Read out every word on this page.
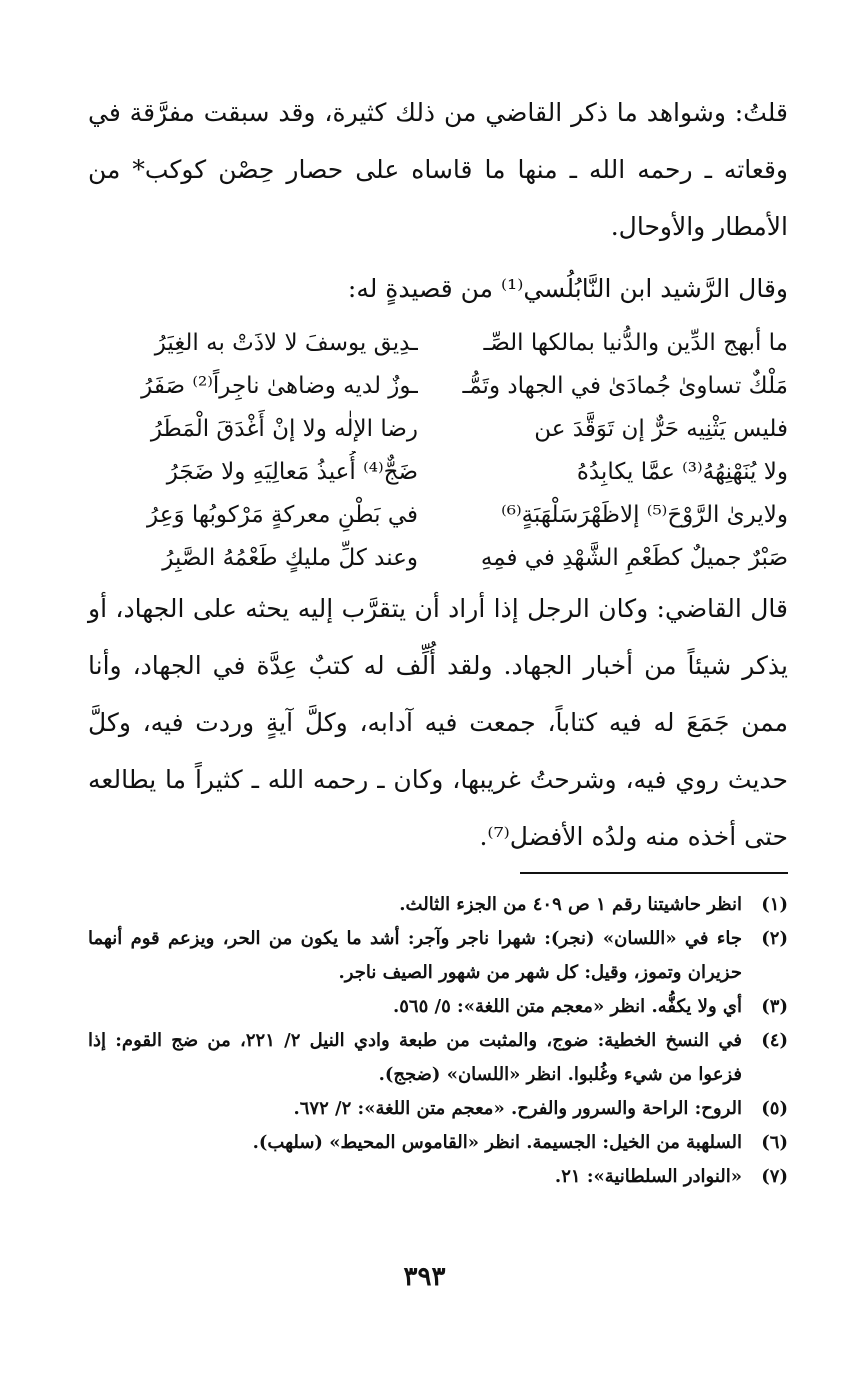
قلتُ: وشواهد ما ذكر القاضي من ذلك كثيرة، وقد سبقت مفرَّقة في وقعاته ـ رحمه الله ـ منها ما قاساه على حصار حِصْن كوكب* من الأمطار والأوحال.

وقال الرَّشيد ابن النَّابُلُسي⁽¹⁾ من قصيدةٍ له:

ما أبهج الدِّين والدُّنيا بمالكها الصِّـ
ـدِيق يوسفَ لا لاذَتْ به الغِيَرُ
مَلْكٌ تساوىٰ جُمادَىٰ في الجهاد وتَمُّـ
ـوزٌ لديه وضاهىٰ ناجِراً⁽²⁾ صَفَرُ
فليس يَثْنِيه حَرٌّ إن تَوَقَّدَ عن
رضا الإلٰه ولا إنْ أَغْدَقَ الْمَطَرُ
ولا يُنَهْنِهُهُ⁽³⁾ عمَّا يكابِدُهُ
ضَجٌّ⁽⁴⁾ أُعيذُ مَعالِيَهِ ولا ضَجَرُ
ولايرىٰ الرَّوْحَ⁽⁵⁾ إلاظَهْرَسَلْهَبَةٍ⁽⁶⁾
في بَطْنِ معركةٍ مَرْكوبُها وَعِرُ
صَبْرٌ جميلٌ كطَعْمِ الشَّهْدِ في فمِهِ
وعند كلِّ مليكٍ طَعْمُهُ الصَّبِرُ

قال القاضي: وكان الرجل إذا أراد أن يتقرَّب إليه يحثه على الجهاد، أو يذكر شيئاً من أخبار الجهاد. ولقد أُلِّف له كتبٌ عِدَّة في الجهاد، وأنا ممن جَمَعَ له فيه كتاباً، جمعت فيه آدابه، وكلَّ آيةٍ وردت فيه، وكلَّ حديث روي فيه، وشرحتُ غريبها، وكان ـ رحمه الله ـ كثيراً ما يطالعه حتى أخذه منه ولدُه الأفضل⁽⁷⁾.

(١)
انظر حاشيتنا رقم ١ ص ٤٠٩ من الجزء الثالث.
(٢)
جاء في «اللسان» (نجر): شهرا ناجر وآجر: أشد ما يكون من الحر، ويزعم قوم أنهما حزيران وتموز، وقيل: كل شهر من شهور الصيف ناجر.
(٣)
أي ولا يكفُّه. انظر «معجم متن اللغة»: ٥/ ٥٦٥.
(٤)
في النسخ الخطية: ضوج، والمثبت من طبعة وادي النيل ٢/ ٢٢١، من ضج القوم: إذا فزعوا من شيء وغُلبوا. انظر «اللسان» (ضجج).
(٥)
الروح: الراحة والسرور والفرح. «معجم متن اللغة»: ٢/ ٦٧٢.
(٦)
السلهبة من الخيل: الجسيمة. انظر «القاموس المحيط» (سلهب).
(٧)
«النوادر السلطانية»: ٢١.
٣٩٣
